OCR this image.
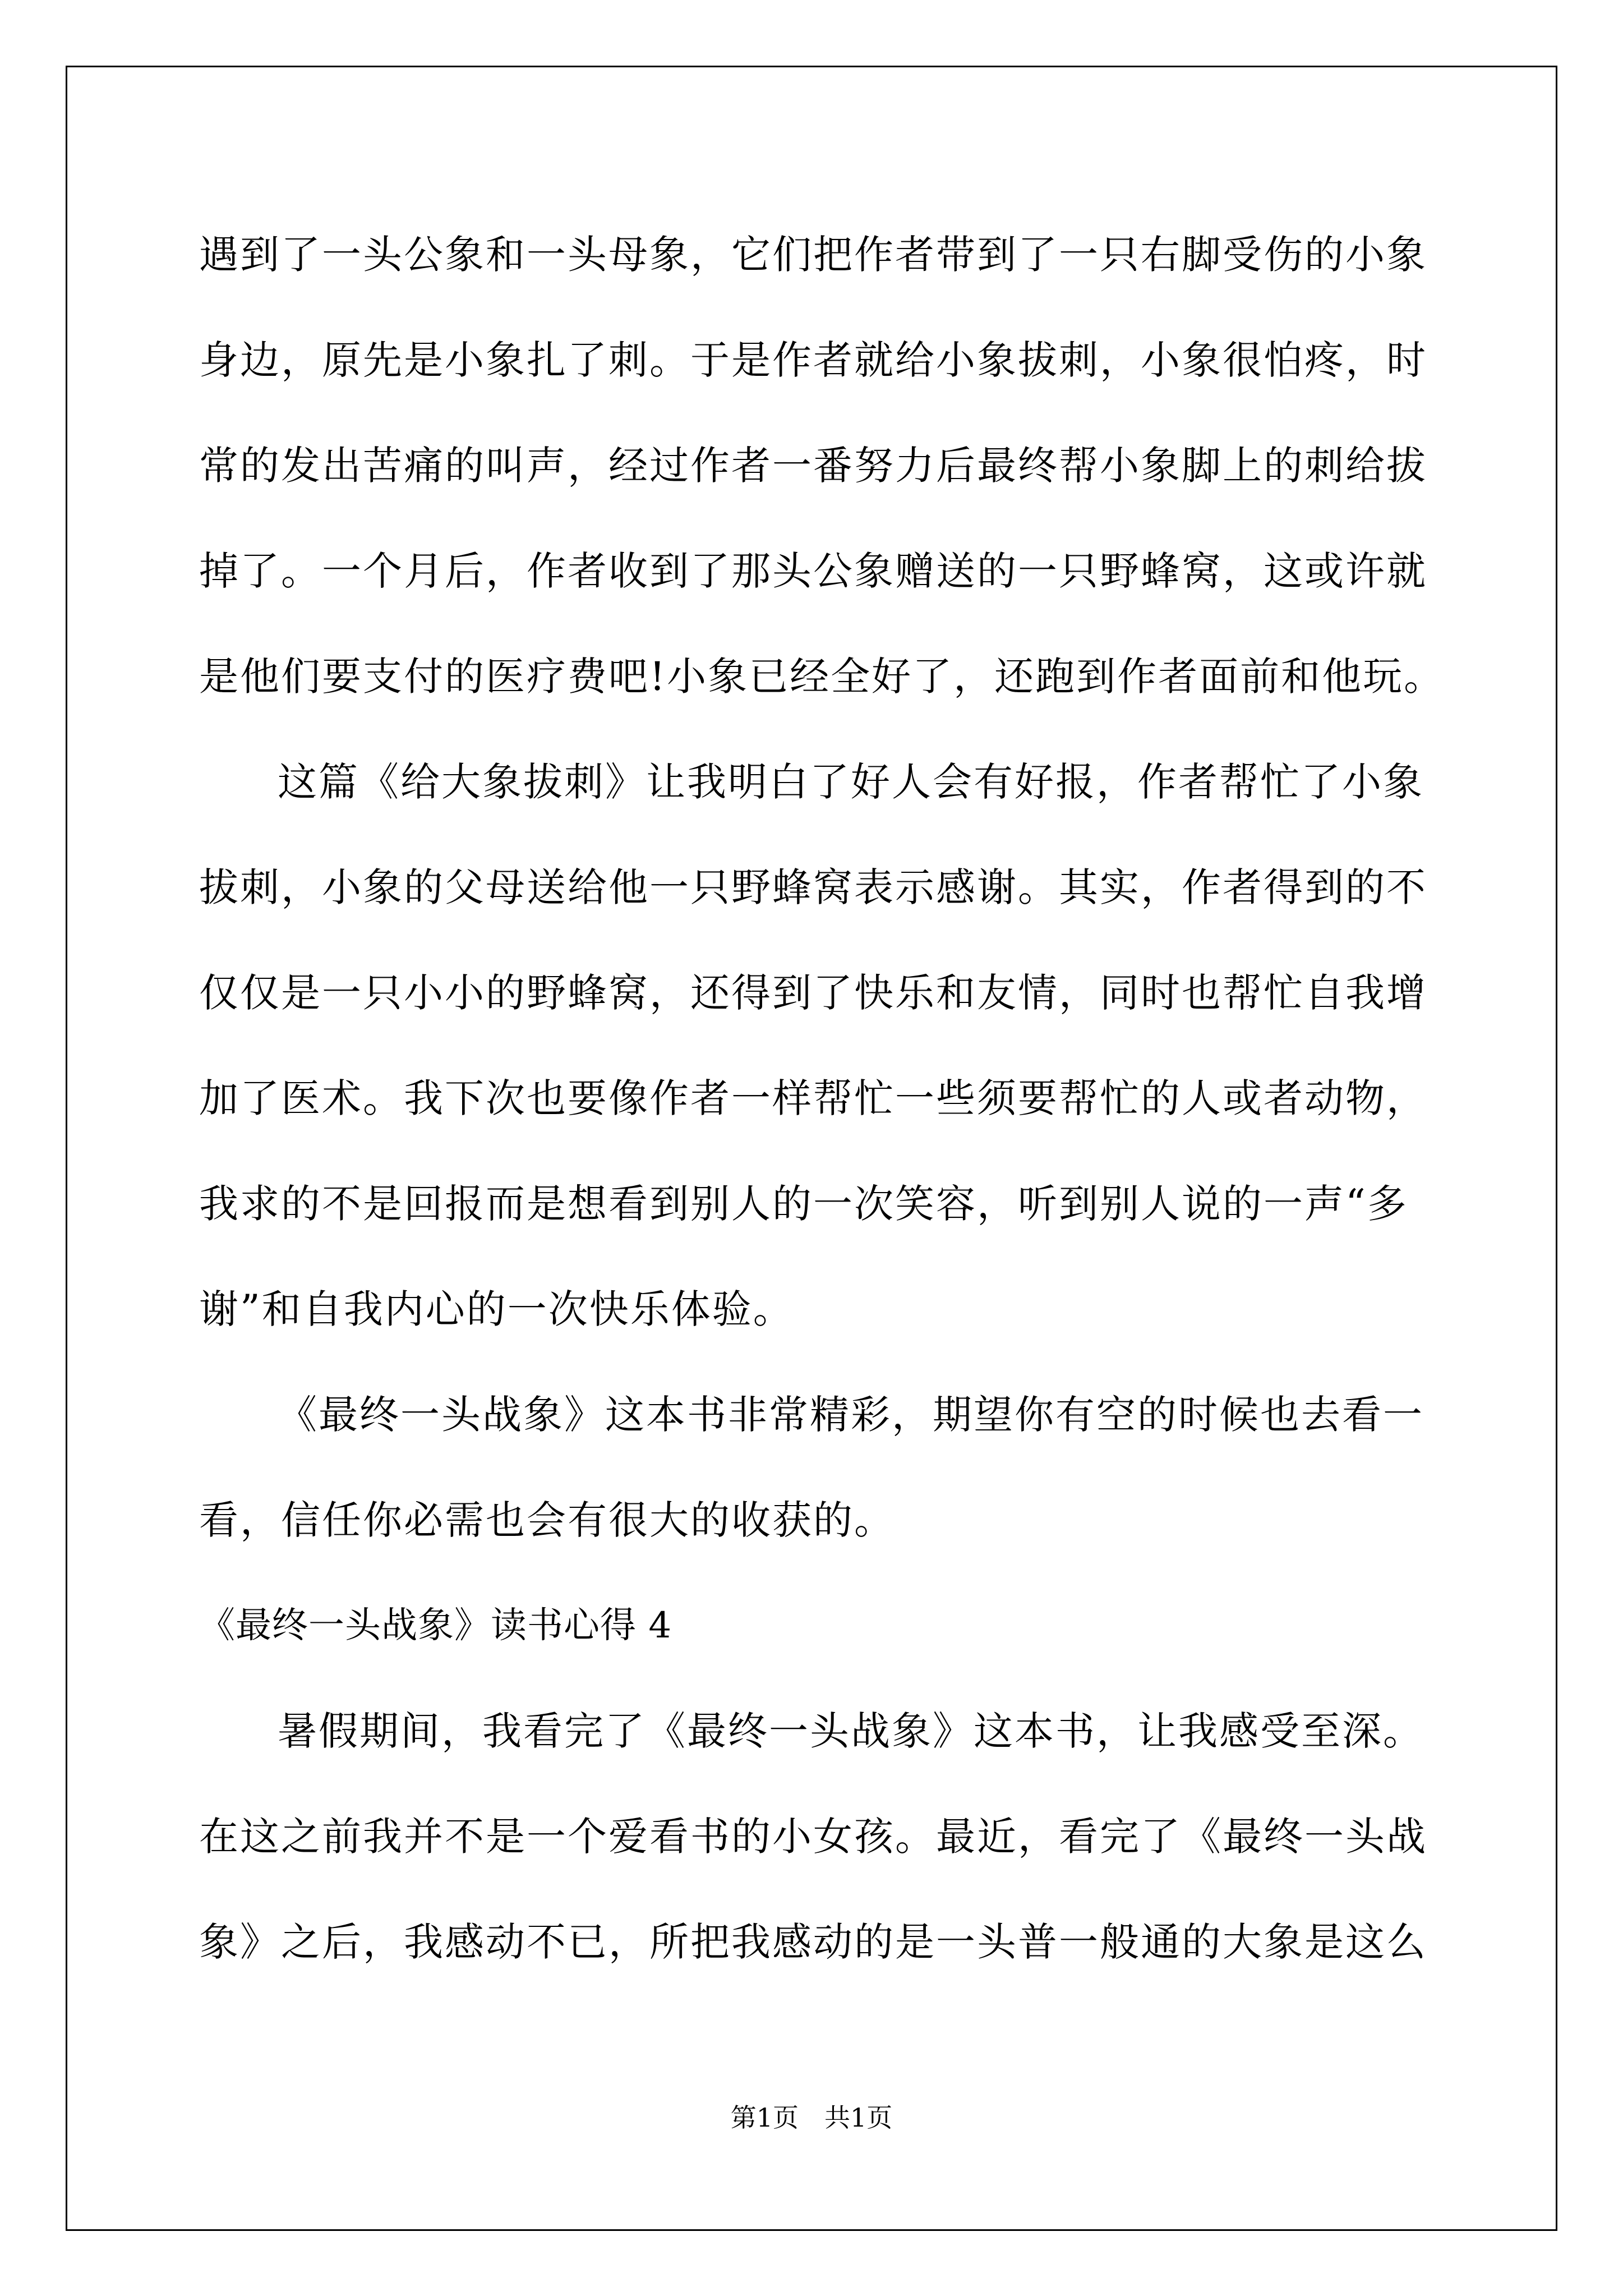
遇到了一头公象和一头母象，它们把作者带到了一只右脚受伤的小象
身边，原先是小象扎了刺。于是作者就给小象拔刺，小象很怕疼，时
常的发出苦痛的叫声，经过作者一番努力后最终帮小象脚上的刺给拔
掉了。一个月后，作者收到了那头公象赠送的一只野蜂窝，这或许就
是他们要支付的医疗费吧!小象已经全好了，还跑到作者面前和他玩。
这篇《给大象拔刺》让我明白了好人会有好报，作者帮忙了小象
拔刺，小象的父母送给他一只野蜂窝表示感谢。其实，作者得到的不
仅仅是一只小小的野蜂窝，还得到了快乐和友情，同时也帮忙自我增
加了医术。我下次也要像作者一样帮忙一些须要帮忙的人或者动物，
我求的不是回报而是想看到别人的一次笑容，听到别人说的一声“多
谢”和自我内心的一次快乐体验。
《最终一头战象》这本书非常精彩，期望你有空的时候也去看一
看，信任你必需也会有很大的收获的。
《最终一头战象》读书心得 4
暑假期间，我看完了《最终一头战象》这本书，让我感受至深。
在这之前我并不是一个爱看书的小女孩。最近，看完了《最终一头战
象》之后，我感动不已，所把我感动的是一头普一般通的大象是这么
第1页　共1页
